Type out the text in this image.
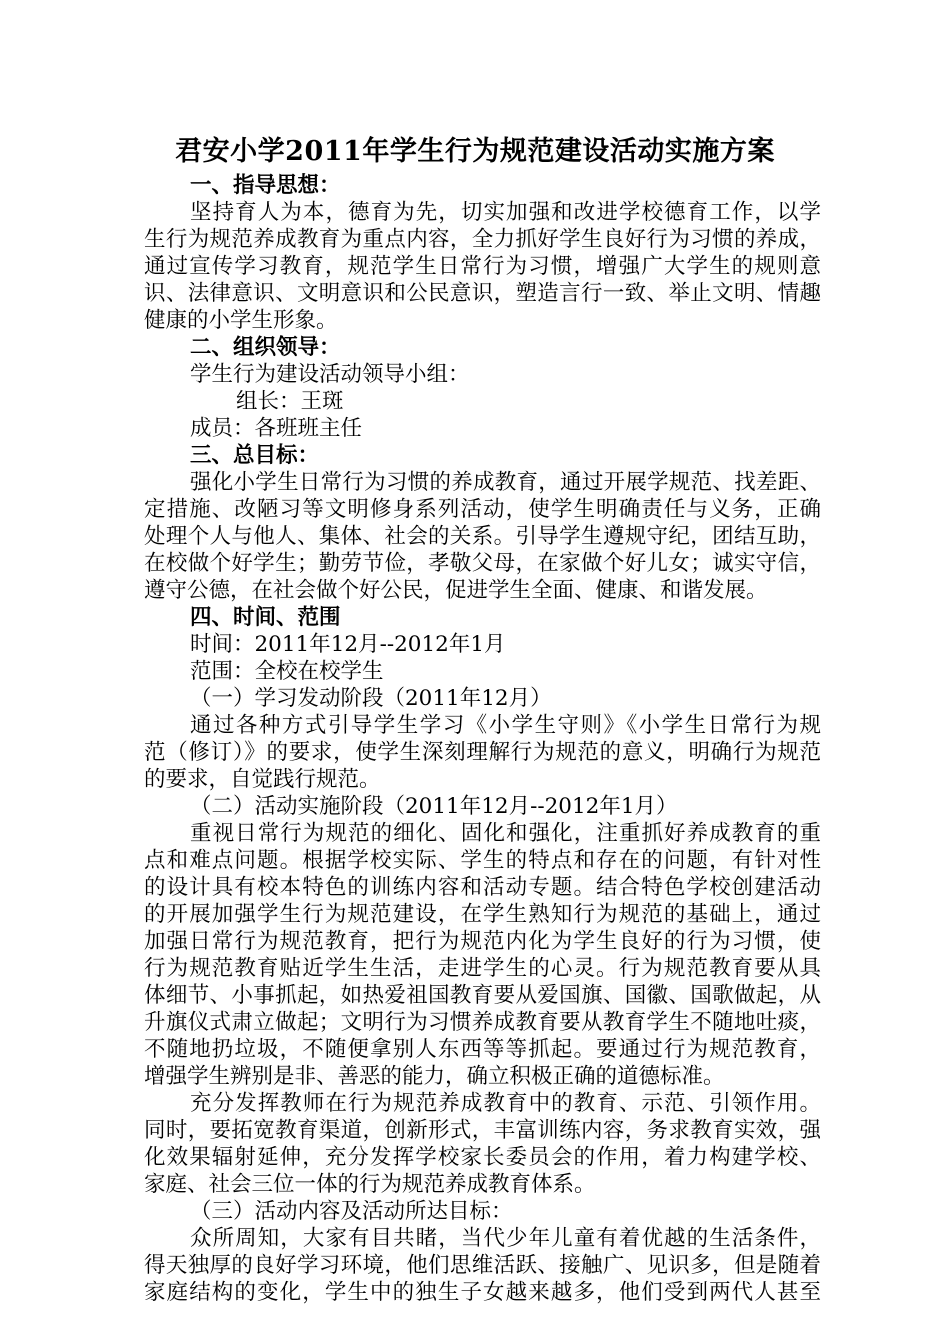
君安小学2011年学生行为规范建设活动实施方案

一、指导思想：

坚持育人为本，德育为先，切实加强和改进学校德育工作，以学
生行为规范养成教育为重点内容，全力抓好学生良好行为习惯的养成，
通过宣传学习教育，规范学生日常行为习惯，增强广大学生的规则意
识、法律意识、文明意识和公民意识，塑造言行一致、举止文明、情趣
健康的小学生形象。

二、组织领导：

学生行为建设活动领导小组：

组长：王斑

成员：各班班主任

三、总目标：

强化小学生日常行为习惯的养成教育，通过开展学规范、找差距、
定措施、改陋习等文明修身系列活动，使学生明确责任与义务，正确
处理个人与他人、集体、社会的关系。引导学生遵规守纪，团结互助，
在校做个好学生；勤劳节俭，孝敬父母，在家做个好儿女；诚实守信，
遵守公德，在社会做个好公民，促进学生全面、健康、和谐发展。

四、时间、范围

时间：2011年12月--2012年1月

范围：全校在校学生

（一）学习发动阶段（2011年12月）

通过各种方式引导学生学习《小学生守则》《小学生日常行为规
范（修订）》的要求，使学生深刻理解行为规范的意义，明确行为规范
的要求，自觉践行规范。

（二）活动实施阶段（2011年12月--2012年1月）

重视日常行为规范的细化、固化和强化，注重抓好养成教育的重
点和难点问题。根据学校实际、学生的特点和存在的问题，有针对性
的设计具有校本特色的训练内容和活动专题。结合特色学校创建活动
的开展加强学生行为规范建设，在学生熟知行为规范的基础上，通过
加强日常行为规范教育，把行为规范内化为学生良好的行为习惯，使
行为规范教育贴近学生生活，走进学生的心灵。行为规范教育要从具
体细节、小事抓起，如热爱祖国教育要从爱国旗、国徽、国歌做起，从
升旗仪式肃立做起；文明行为习惯养成教育要从教育学生不随地吐痰，
不随地扔垃圾，不随便拿别人东西等等抓起。要通过行为规范教育，
增强学生辨别是非、善恶的能力，确立积极正确的道德标准。
充分发挥教师在行为规范养成教育中的教育、示范、引领作用。
同时，要拓宽教育渠道，创新形式，丰富训练内容，务求教育实效，强
化效果辐射延伸，充分发挥学校家长委员会的作用，着力构建学校、
家庭、社会三位一体的行为规范养成教育体系。

（三）活动内容及活动所达目标：

众所周知，大家有目共睹，当代少年儿童有着优越的生活条件，
得天独厚的良好学习环境，他们思维活跃、接触广、见识多，但是随着
家庭结构的变化，学生中的独生子女越来越多，他们受到两代人甚至
